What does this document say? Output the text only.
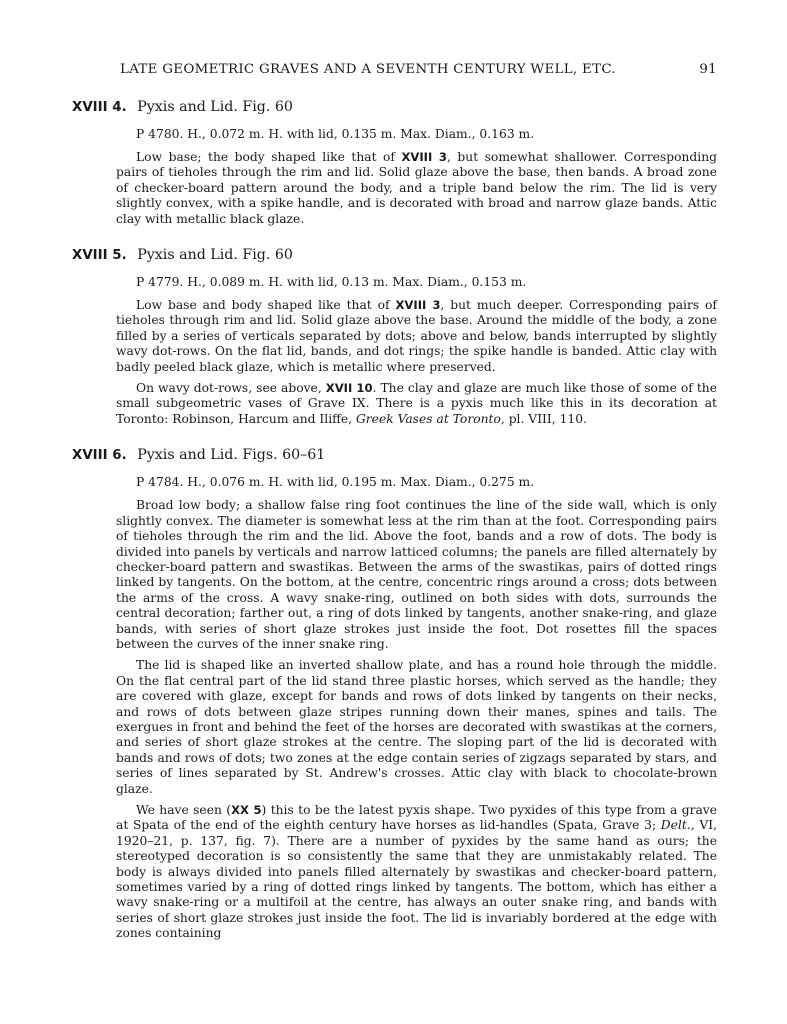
LATE GEOMETRIC GRAVES AND A SEVENTH CENTURY WELL, ETC.	91
XVIII 4. Pyxis and Lid. Fig. 60
P 4780. H., 0.072 m. H. with lid, 0.135 m. Max. Diam., 0.163 m.

Low base; the body shaped like that of XVIII 3, but somewhat shallower. Corresponding pairs of tieholes through the rim and lid. Solid glaze above the base, then bands. A broad zone of checker-board pattern around the body, and a triple band below the rim. The lid is very slightly convex, with a spike handle, and is decorated with broad and narrow glaze bands. Attic clay with metallic black glaze.

XVIII 5. Pyxis and Lid. Fig. 60
P 4779. H., 0.089 m. H. with lid, 0.13 m. Max. Diam., 0.153 m.

Low base and body shaped like that of XVIII 3, but much deeper. Corresponding pairs of tieholes through rim and lid. Solid glaze above the base. Around the middle of the body, a zone filled by a series of verticals separated by dots; above and below, bands interrupted by slightly wavy dot-rows. On the flat lid, bands, and dot rings; the spike handle is banded. Attic clay with badly peeled black glaze, which is metallic where preserved.

On wavy dot-rows, see above, XVII 10. The clay and glaze are much like those of some of the small subgeometric vases of Grave IX. There is a pyxis much like this in its decoration at Toronto: Robinson, Harcum and Iliffe, Greek Vases at Toronto, pl. VIII, 110.

XVIII 6. Pyxis and Lid. Figs. 60–61
P 4784. H., 0.076 m. H. with lid, 0.195 m. Max. Diam., 0.275 m.

Broad low body; a shallow false ring foot continues the line of the side wall, which is only slightly convex. The diameter is somewhat less at the rim than at the foot. Corresponding pairs of tieholes through the rim and the lid. Above the foot, bands and a row of dots. The body is divided into panels by verticals and narrow latticed columns; the panels are filled alternately by checker-board pattern and swastikas. Between the arms of the swastikas, pairs of dotted rings linked by tangents. On the bottom, at the centre, concentric rings around a cross; dots between the arms of the cross. A wavy snake-ring, outlined on both sides with dots, surrounds the central decoration; farther out, a ring of dots linked by tangents, another snake-ring, and glaze bands, with series of short glaze strokes just inside the foot. Dot rosettes fill the spaces between the curves of the inner snake ring.

The lid is shaped like an inverted shallow plate, and has a round hole through the middle. On the flat central part of the lid stand three plastic horses, which served as the handle; they are covered with glaze, except for bands and rows of dots linked by tangents on their necks, and rows of dots between glaze stripes running down their manes, spines and tails. The exergues in front and behind the feet of the horses are decorated with swastikas at the corners, and series of short glaze strokes at the centre. The sloping part of the lid is decorated with bands and rows of dots; two zones at the edge contain series of zigzags separated by stars, and series of lines separated by St. Andrew's crosses. Attic clay with black to chocolate-brown glaze.

We have seen (XX 5) this to be the latest pyxis shape. Two pyxides of this type from a grave at Spata of the end of the eighth century have horses as lid-handles (Spata, Grave 3; Delt., VI, 1920–21, p. 137, fig. 7). There are a number of pyxides by the same hand as ours; the stereotyped decoration is so consistently the same that they are unmistakably related. The body is always divided into panels filled alternately by swastikas and checker-board pattern, sometimes varied by a ring of dotted rings linked by tangents. The bottom, which has either a wavy snake-ring or a multifoil at the centre, has always an outer snake ring, and bands with series of short glaze strokes just inside the foot. The lid is invariably bordered at the edge with zones containing
